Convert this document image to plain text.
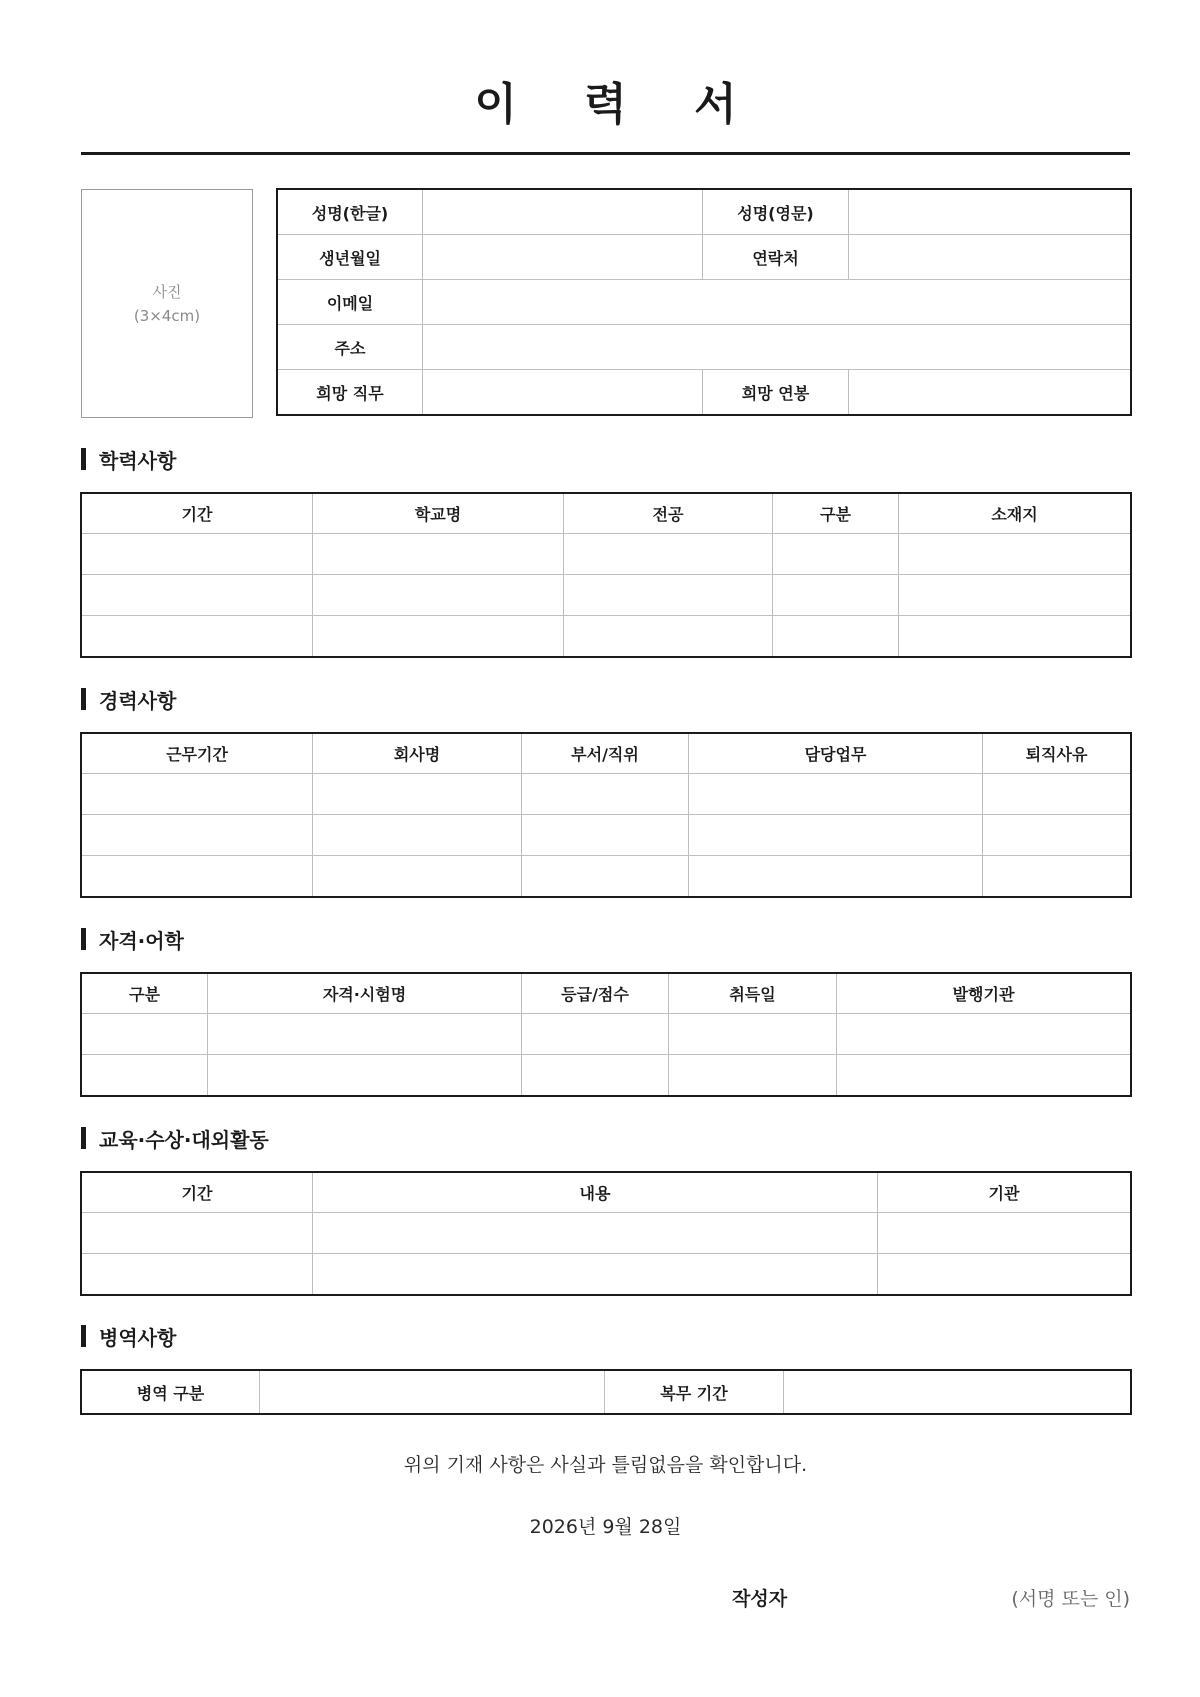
이 력 서
사진
(3×4cm)
성명(한글)		성명(영문)	
생년월일		연락처	
이메일			
주소			
희망 직무		희망 연봉	
학력사항
기간	학교명	전공	구분	소재지

경력사항
근무기간	회사명	부서/직위	담당업무	퇴직사유

자격·어학
구분	자격·시험명	등급/점수	취득일	발행기관

교육·수상·대외활동
기간	내용	기관

병역사항
병역 구분		복무 기간	
위의 기재 사항은 사실과 틀림없음을 확인합니다.
2026년 9월 28일
작성자	(서명 또는 인)
